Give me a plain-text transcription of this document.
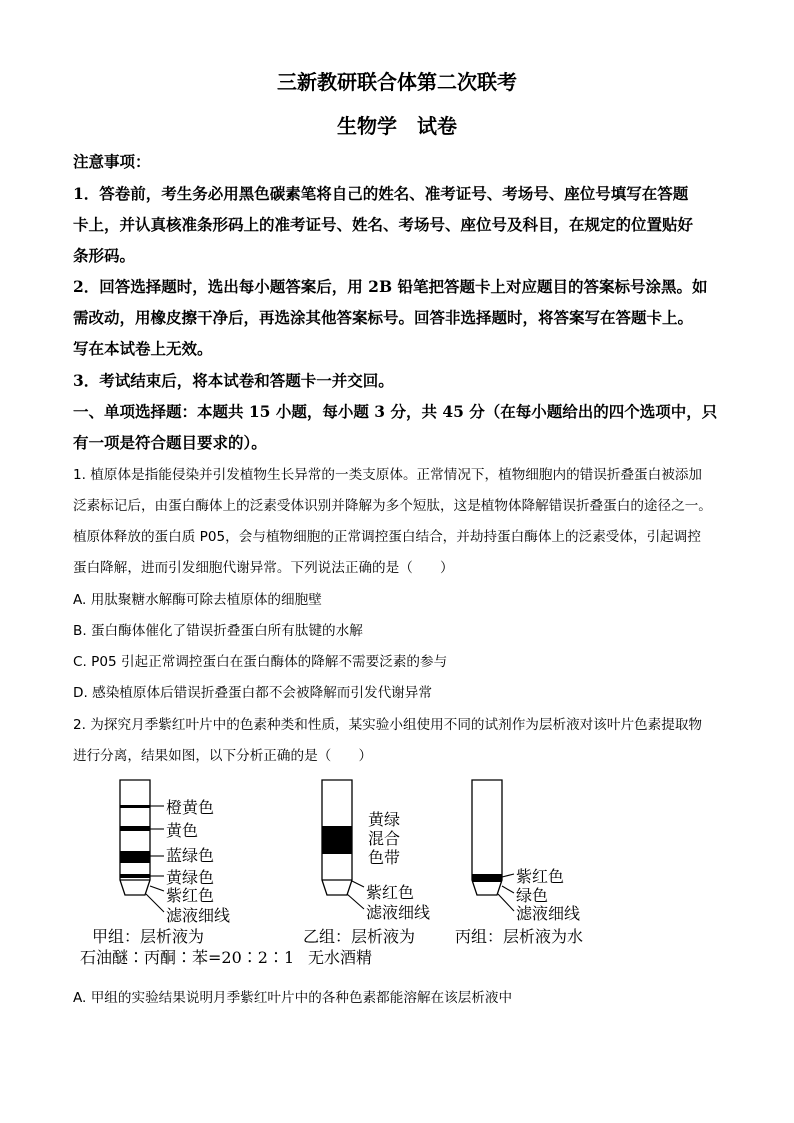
三新教研联合体第二次联考
生物学　试卷
注意事项：
1．答卷前，考生务必用黑色碳素笔将自己的姓名、准考证号、考场号、座位号填写在答题
卡上，并认真核准条形码上的准考证号、姓名、考场号、座位号及科目，在规定的位置贴好
条形码。
2．回答选择题时，选出每小题答案后，用 2B 铅笔把答题卡上对应题目的答案标号涂黑。如
需改动，用橡皮擦干净后，再选涂其他答案标号。回答非选择题时，将答案写在答题卡上。
写在本试卷上无效。
3．考试结束后，将本试卷和答题卡一并交回。
一、单项选择题：本题共 15 小题，每小题 3 分，共 45 分（在每小题给出的四个选项中，只
有一项是符合题目要求的）。
1. 植原体是指能侵染并引发植物生长异常的一类支原体。正常情况下，植物细胞内的错误折叠蛋白被添加
泛素标记后，由蛋白酶体上的泛素受体识别并降解为多个短肽，这是植物体降解错误折叠蛋白的途径之一。
植原体释放的蛋白质 P05，会与植物细胞的正常调控蛋白结合，并劫持蛋白酶体上的泛素受体，引起调控
蛋白降解，进而引发细胞代谢异常。下列说法正确的是（　　）
A. 用肽聚糖水解酶可除去植原体的细胞壁
B. 蛋白酶体催化了错误折叠蛋白所有肽键的水解
C. P05 引起正常调控蛋白在蛋白酶体的降解不需要泛素的参与
D. 感染植原体后错误折叠蛋白都不会被降解而引发代谢异常
2. 为探究月季紫红叶片中的色素种类和性质，某实验小组使用不同的试剂作为层析液对该叶片色素提取物
进行分离，结果如图，以下分析正确的是（　　）
橙黄色
黄色
蓝绿色
黄绿色
紫红色
滤液细线
甲组：层析液为
石油醚∶丙酮∶苯=20∶2∶1
黄绿
混合
色带
紫红色
滤液细线
乙组：层析液为
无水酒精
紫红色
绿色
滤液细线
丙组：层析液为水
A. 甲组的实验结果说明月季紫红叶片中的各种色素都能溶解在该层析液中
